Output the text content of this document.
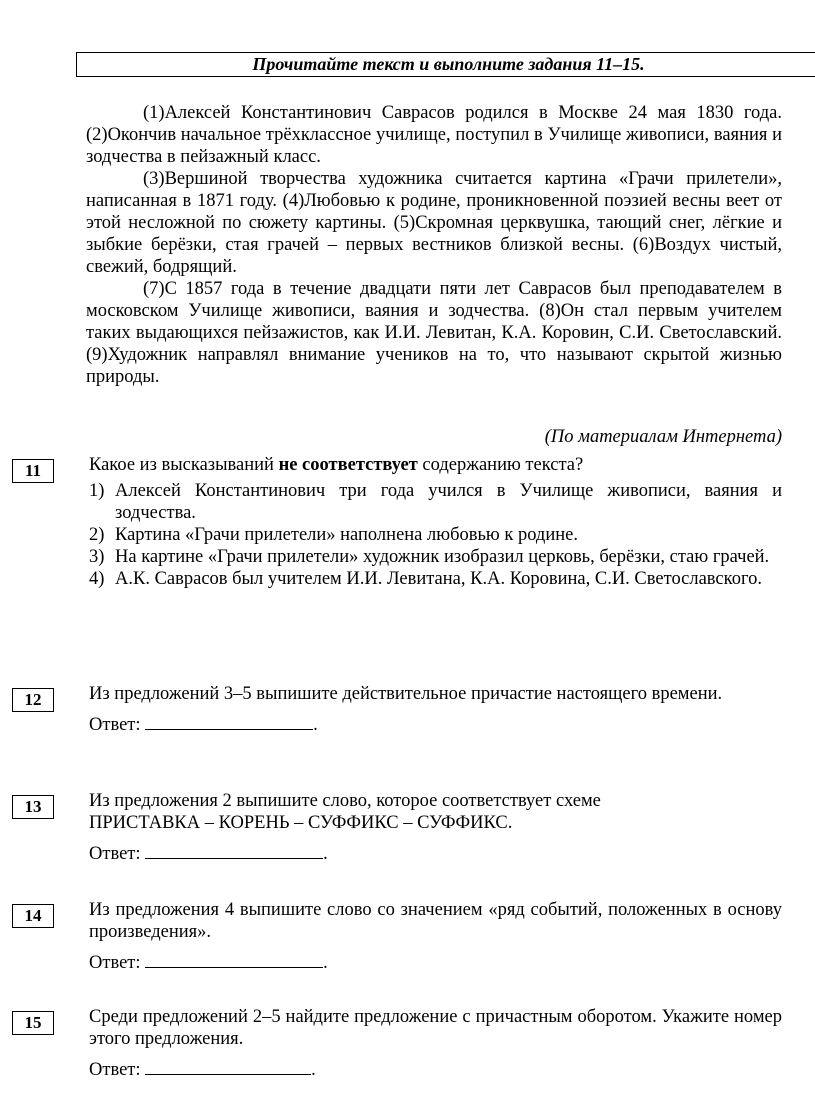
Прочитайте текст и выполните задания 11–15.

(1)Алексей Константинович Саврасов родился в Москве 24 мая 1830 года. (2)Окончив начальное трёхклассное училище, поступил в Училище живописи, ваяния и зодчества в пейзажный класс.

(3)Вершиной творчества художника считается картина «Грачи прилетели», написанная в 1871 году. (4)Любовью к родине, проникновенной поэзией весны веет от этой несложной по сюжету картины. (5)Скромная церквушка, тающий снег, лёгкие и зыбкие берёзки, стая грачей – первых вестников близкой весны. (6)Воздух чистый, свежий, бодрящий.

(7)С 1857 года в течение двадцати пяти лет Саврасов был преподавателем в московском Училище живописи, ваяния и зодчества. (8)Он стал первым учителем таких выдающихся пейзажистов, как И.И. Левитан, К.А. Коровин, С.И. Светославский. (9)Художник направлял внимание учеников на то, что называют скрытой жизнью природы.

(По материалам Интернета)
11	Какое из высказываний не соответствует содержанию текста?

1) Алексей Константинович три года учился в Училище живописи, ваяния и зодчества.
2) Картина «Грачи прилетели» наполнена любовью к родине.
3) На картине «Грачи прилетели» художник изобразил церковь, берёзки, стаю грачей.
4) А.К. Саврасов был учителем И.И. Левитана, К.А. Коровина, С.И. Светославского.
12	Из предложений 3–5 выпишите действительное причастие настоящего времени.

Ответ:	.
13	Из предложения 2 выпишите слово, которое соответствует схеме
ПРИСТАВКА – КОРЕНЬ – СУФФИКС – СУФФИКС.

Ответ:	.
14	Из предложения 4 выпишите слово со значением «ряд событий, положенных в основу произведения».

Ответ:	.
15	Среди предложений 2–5 найдите предложение с причастным оборотом. Укажите номер этого предложения.

Ответ:	.
